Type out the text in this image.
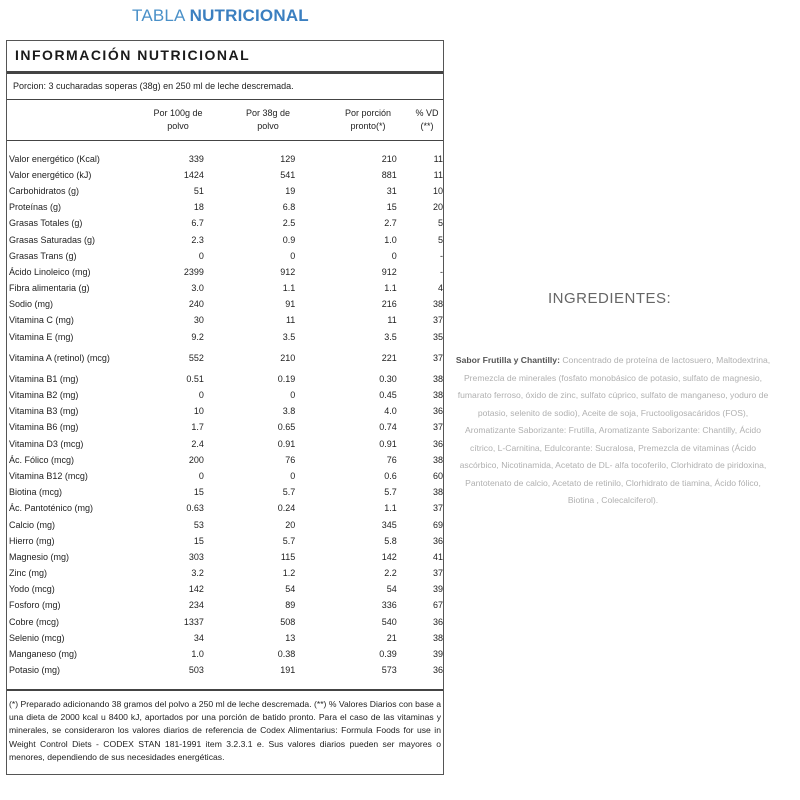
TABLA NUTRICIONAL
INFORMACIÓN NUTRICIONAL
Porcion: 3 cucharadas soperas (38g) en 250 ml de leche descremada.
Por 100g de
polvo
Por 38g de
polvo
Por porción
pronto(*)
% VD
(**)
Valor energético (Kcal)	339	129	210	11
Valor energético (kJ)	1424	541	881	11
Carbohidratos (g)	51	19	31	10
Proteínas (g)	18	6.8	15	20
Grasas Totales (g)	6.7	2.5	2.7	5
Grasas Saturadas (g)	2.3	0.9	1.0	5
Grasas Trans (g)	0	0	0	-
Ácido Linoleico (mg)	2399	912	912	-
Fibra alimentaria (g)	3.0	1.1	1.1	4
Sodio (mg)	240	91	216	38
Vitamina C (mg)	30	11	11	37
Vitamina E (mg)	9.2	3.5	3.5	35
Vitamina A (retinol) (mcg)	552	210	221	37
Vitamina B1 (mg)	0.51	0.19	0.30	38
Vitamina B2 (mg)	0	0	0.45	38
Vitamina B3 (mg)	10	3.8	4.0	36
Vitamina B6 (mg)	1.7	0.65	0.74	37
Vitamina D3 (mcg)	2.4	0.91	0.91	36
Ác. Fólico (mcg)	200	76	76	38
Vitamina B12 (mcg)	0	0	0.6	60
Biotina (mcg)	15	5.7	5.7	38
Ác. Pantoténico (mg)	0.63	0.24	1.1	37
Calcio (mg)	53	20	345	69
Hierro (mg)	15	5.7	5.8	36
Magnesio (mg)	303	115	142	41
Zinc (mg)	3.2	1.2	2.2	37
Yodo (mcg)	142	54	54	39
Fosforo (mg)	234	89	336	67
Cobre (mcg)	1337	508	540	36
Selenio (mcg)	34	13	21	38
Manganeso (mg)	1.0	0.38	0.39	39
Potasio (mg)	503	191	573	36
(*) Preparado adicionando 38 gramos del polvo a 250 ml de leche descremada. (**) % Valores Diarios con base a una dieta de 2000 kcal u 8400 kJ, aportados por una porción de batido pronto. Para el caso de las vitaminas y minerales, se consideraron los valores diarios de referencia de Codex Alimentarius: Formula Foods for use in Weight Control Diets - CODEX STAN 181-1991 item 3.2.3.1 e. Sus valores diarios pueden ser mayores o menores, dependiendo de sus necesidades energéticas.
INGREDIENTES:
Sabor Frutilla y Chantilly: Concentrado de proteína de lactosuero, Maltodextrina, Premezcla de minerales (fosfato monobásico de potasio, sulfato de magnesio, fumarato ferroso, óxido de zinc, sulfato cúprico, sulfato de manganeso, yoduro de potasio, selenito de sodio), Aceite de soja, Fructooligosacáridos (FOS), Aromatizante Saborizante: Frutilla, Aromatizante Saborizante: Chantilly, Ácido cítrico, L-Carnitina, Edulcorante: Sucralosa, Premezcla de vitaminas (Ácido ascórbico, Nicotinamida, Acetato de DL- alfa tocoferilo, Clorhidrato de piridoxina, Pantotenato de calcio, Acetato de retinilo, Clorhidrato de tiamina, Ácido fólico, Biotina , Colecalciferol).
